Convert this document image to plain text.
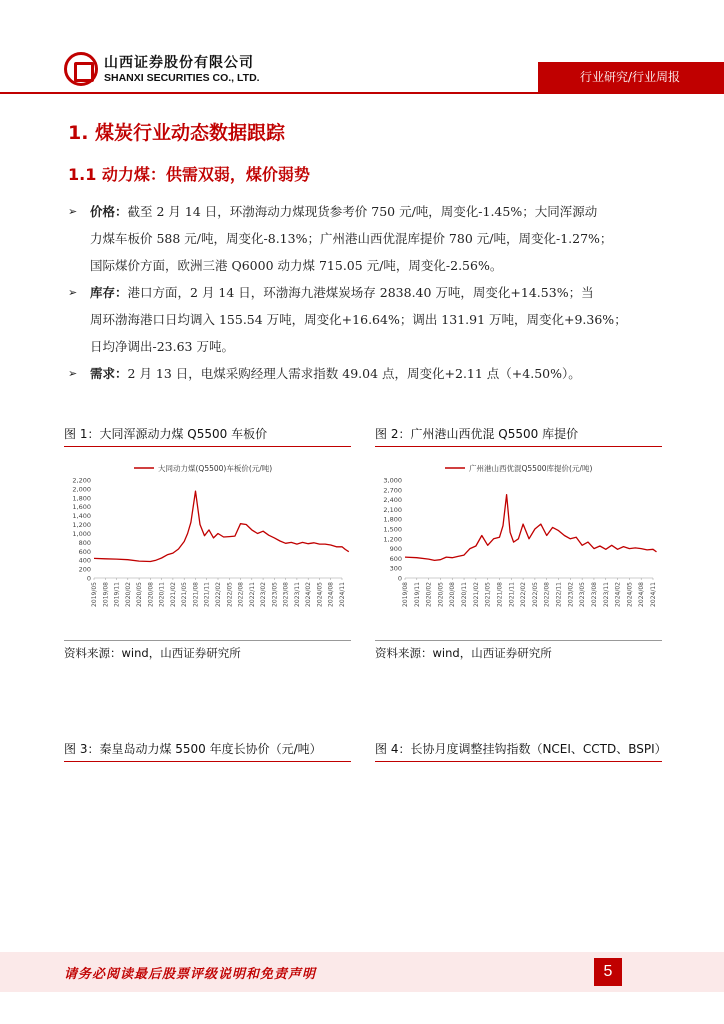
山西证券股份有限公司
SHANXI SECURITIES CO., LTD.	行业研究/行业周报
1. 煤炭行业动态数据跟踪
1.1 动力煤：供需双弱，煤价弱势
➢ 价格：截至 2 月 14 日，环渤海动力煤现货参考价 750 元/吨，周变化-1.45%；大同浑源动
力煤车板价 588 元/吨，周变化-8.13%；广州港山西优混库提价 780 元/吨，周变化-1.27%；
国际煤价方面，欧洲三港 Q6000 动力煤 715.05 元/吨，周变化-2.56%。
➢ 库存：港口方面，2 月 14 日，环渤海九港煤炭场存 2838.40 万吨，周变化+14.53%；当
周环渤海港口日均调入 155.54 万吨，周变化+16.64%；调出 131.91 万吨，周变化+9.36%；
日均净调出-23.63 万吨。
➢ 需求：2 月 13 日，电煤采购经理人需求指数 49.04 点，周变化+2.11 点（+4.50%）。
图 1：大同浑源动力煤 Q5500 车板价
大同动力煤(Q5500)车板价(元/吨)
0
200
400
600
800
1,000
1,200
1,400
1,600
1,800
2,000
2,200
2019/05 2019/08 2019/11 2020/02 2020/05 2020/08 2020/11 2021/02 2021/05 2021/08 2021/11 2022/02 2022/05 2022/08 2022/11 2023/02 2023/05 2023/08 2023/11 2024/02 2024/05 2024/08 2024/11
资料来源：wind，山西证券研究所
图 2：广州港山西优混 Q5500 库提价
广州港山西优混Q5500库提价(元/吨)
0
300
600
900
1,200
1,500
1,800
2,100
2,400
2,700
3,000
2019/08 2019/11 2020/02 2020/05 2020/08 2020/11 2021/02 2021/05 2021/08 2021/11 2022/02 2022/05 2022/08 2022/11 2023/02 2023/05 2023/08 2023/11 2024/02 2024/05 2024/08 2024/11
资料来源：wind，山西证券研究所
图 3：秦皇岛动力煤 5500 年度长协价（元/吨）	图 4：长协月度调整挂钩指数（NCEI、CCTD、BSPI）
请务必阅读最后股票评级说明和免责声明	5
